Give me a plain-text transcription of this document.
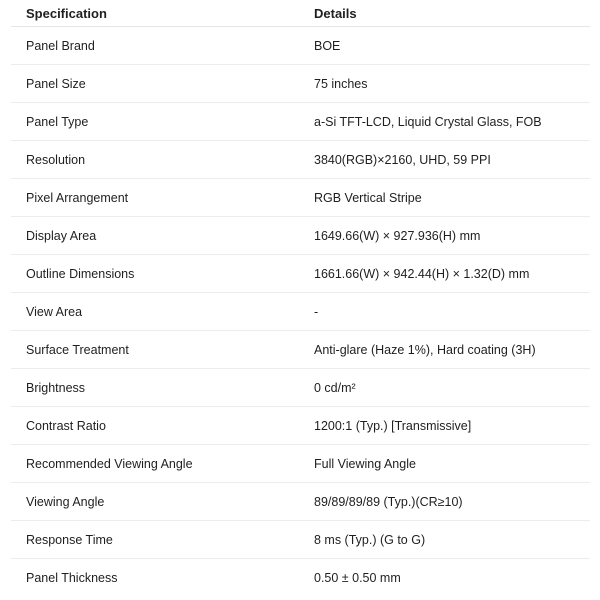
Specification	Details
Panel Brand	BOE
Panel Size	75 inches
Panel Type	a-Si TFT-LCD, Liquid Crystal Glass, FOB
Resolution	3840(RGB)×2160, UHD, 59 PPI
Pixel Arrangement	RGB Vertical Stripe
Display Area	1649.66(W) × 927.936(H) mm
Outline Dimensions	1661.66(W) × 942.44(H) × 1.32(D) mm
View Area	-
Surface Treatment	Anti-glare (Haze 1%), Hard coating (3H)
Brightness	0 cd/m²
Contrast Ratio	1200:1 (Typ.) [Transmissive]
Recommended Viewing Angle	Full Viewing Angle
Viewing Angle	89/89/89/89 (Typ.)(CR≥10)
Response Time	8 ms (Typ.) (G to G)
Panel Thickness	0.50 ± 0.50 mm
